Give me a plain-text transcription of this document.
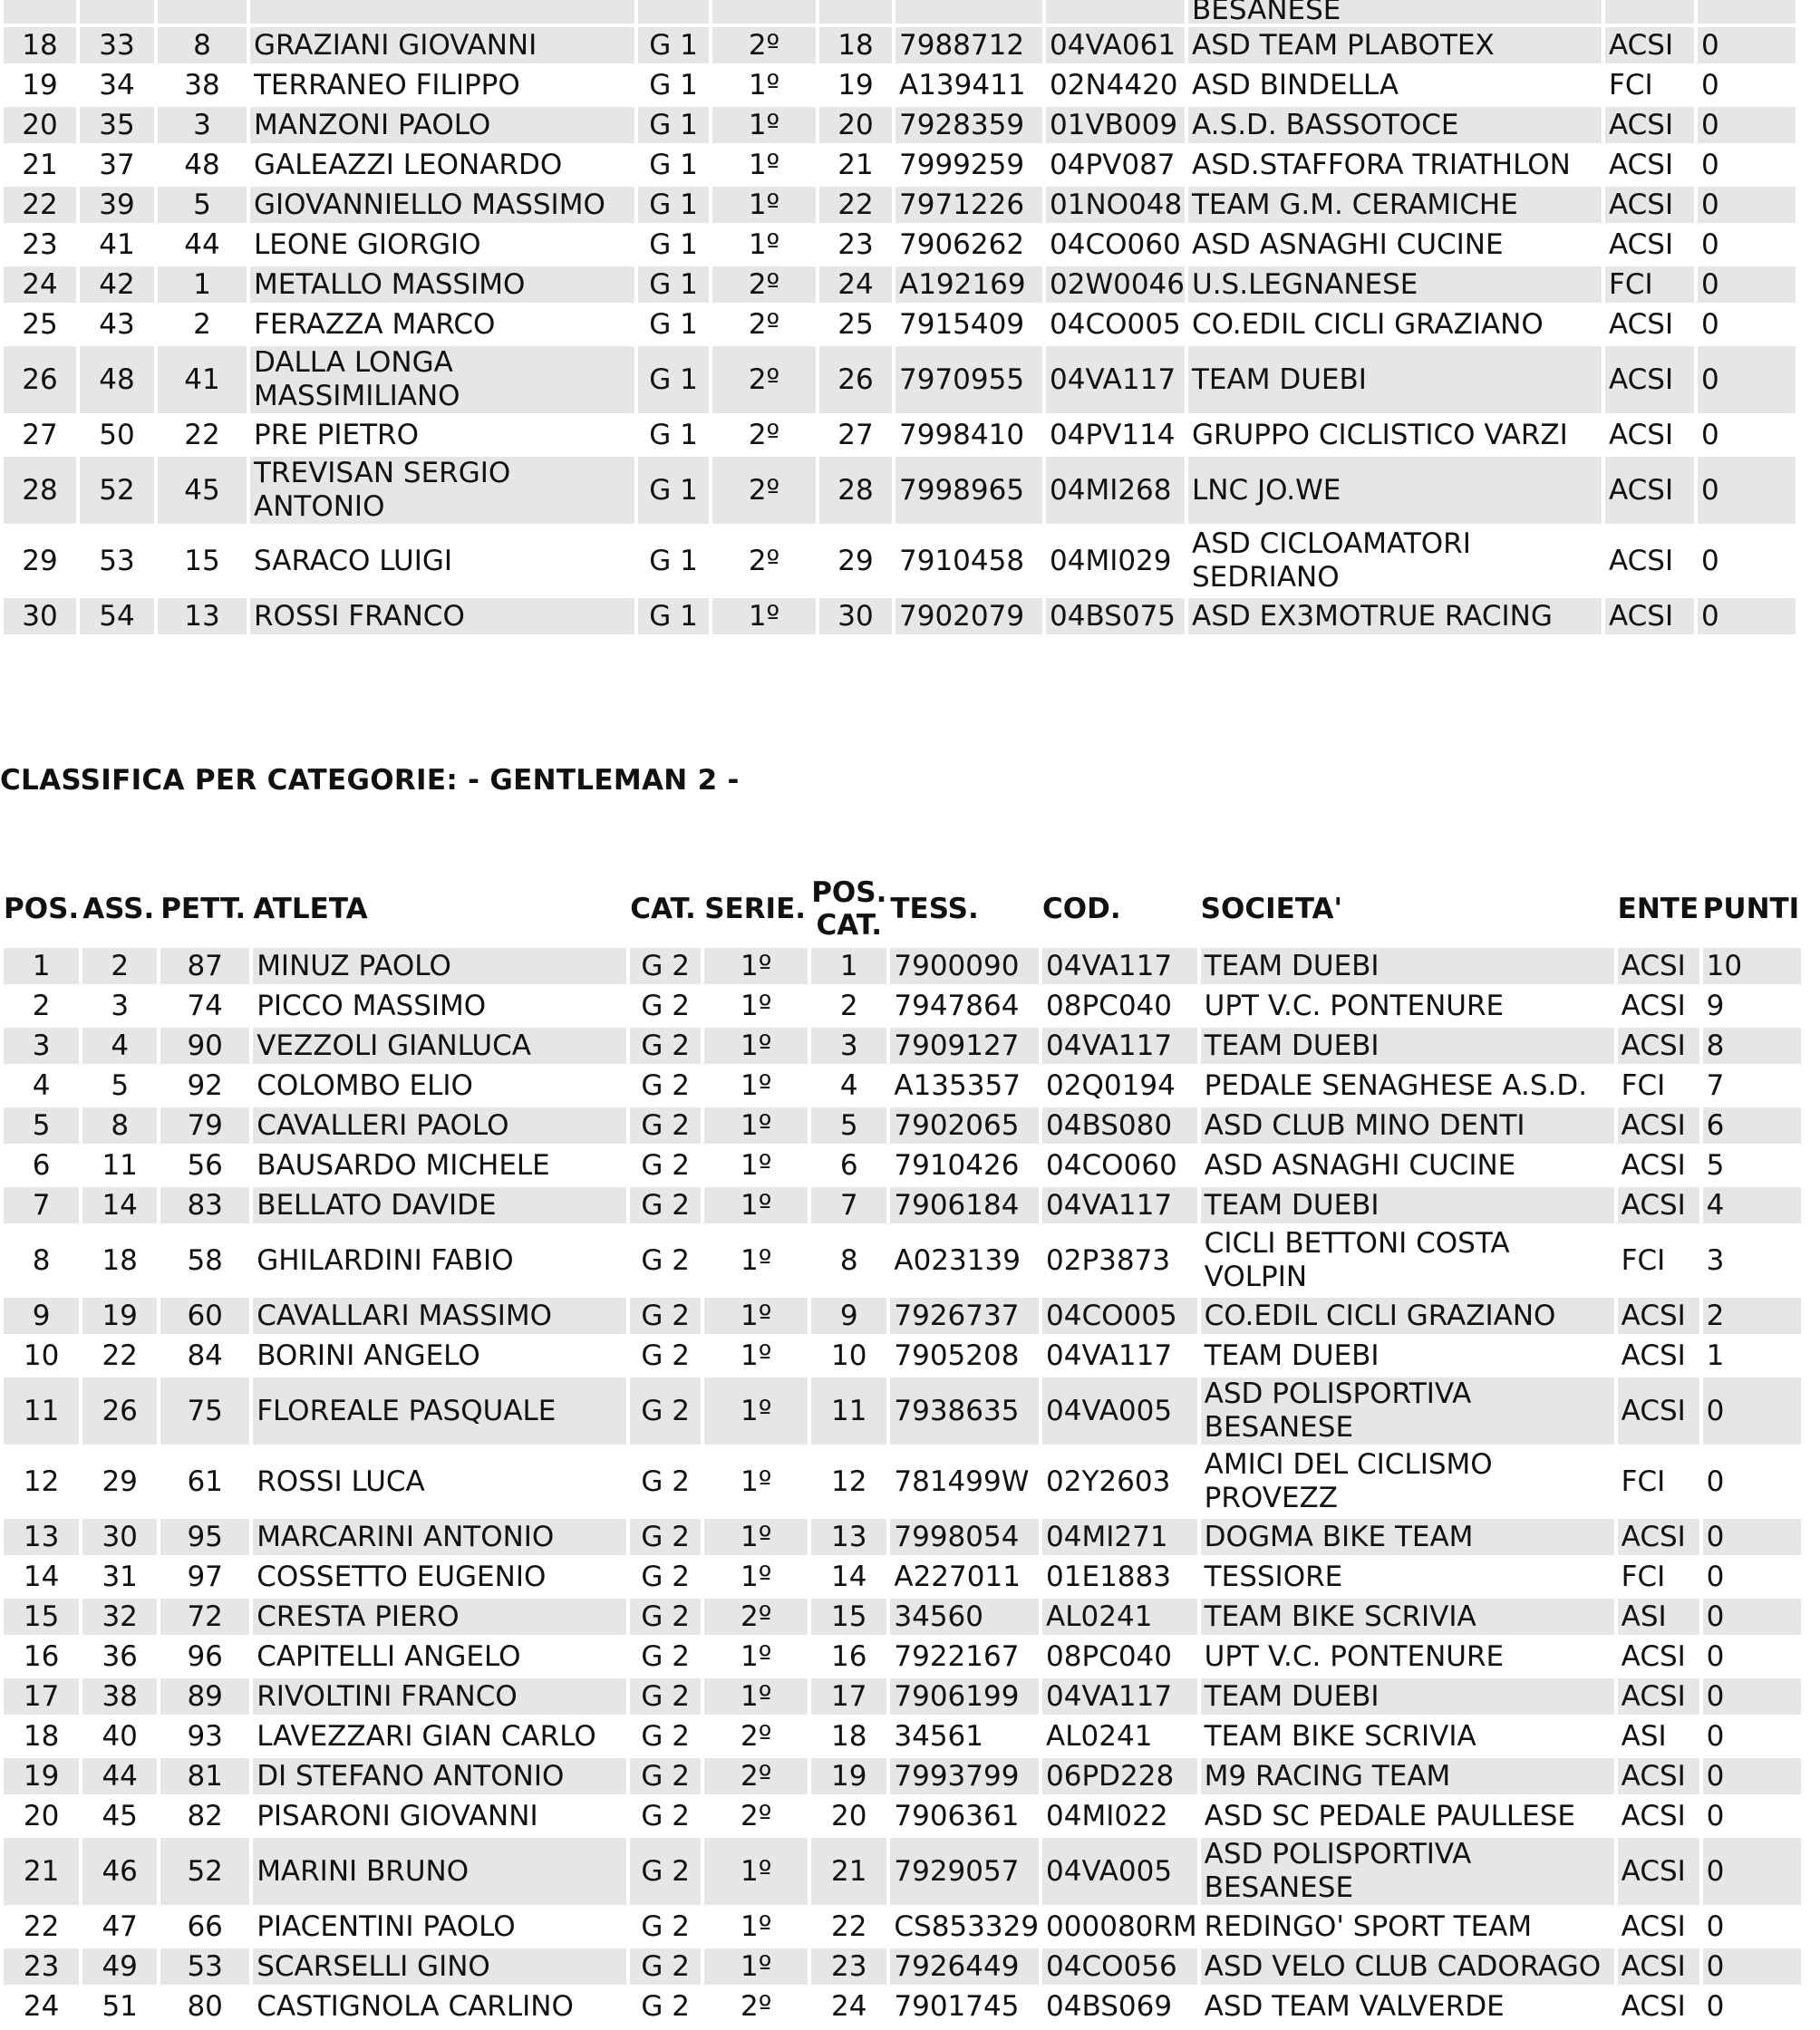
									BESANESE		
18	33	8	GRAZIANI GIOVANNI	G 1	2º	18	7988712	04VA061	ASD TEAM PLABOTEX	ACSI	0
19	34	38	TERRANEO FILIPPO	G 1	1º	19	A139411	02N4420	ASD BINDELLA	FCI	0
20	35	3	MANZONI PAOLO	G 1	1º	20	7928359	01VB009	A.S.D. BASSOTOCE	ACSI	0
21	37	48	GALEAZZI LEONARDO	G 1	1º	21	7999259	04PV087	ASD.STAFFORA TRIATHLON	ACSI	0
22	39	5	GIOVANNIELLO MASSIMO	G 1	1º	22	7971226	01NO048	TEAM G.M. CERAMICHE	ACSI	0
23	41	44	LEONE GIORGIO	G 1	1º	23	7906262	04CO060	ASD ASNAGHI CUCINE	ACSI	0
24	42	1	METALLO MASSIMO	G 1	2º	24	A192169	02W0046	U.S.LEGNANESE	FCI	0
25	43	2	FERAZZA MARCO	G 1	2º	25	7915409	04CO005	CO.EDIL CICLI GRAZIANO	ACSI	0
26	48	41	DALLA LONGA MASSIMILIANO	G 1	2º	26	7970955	04VA117	TEAM DUEBI	ACSI	0
27	50	22	PRE PIETRO	G 1	2º	27	7998410	04PV114	GRUPPO CICLISTICO VARZI	ACSI	0
28	52	45	TREVISAN SERGIO ANTONIO	G 1	2º	28	7998965	04MI268	LNC JO.WE	ACSI	0
29	53	15	SARACO LUIGI	G 1	2º	29	7910458	04MI029	ASD CICLOAMATORI SEDRIANO	ACSI	0
30	54	13	ROSSI FRANCO	G 1	1º	30	7902079	04BS075	ASD EX3MOTRUE RACING	ACSI	0
CLASSIFICA PER CATEGORIE: - GENTLEMAN 2 -
POS.	ASS.	PETT.	ATLETA	CAT.	SERIE.	POS. CAT.	TESS.	COD.	SOCIETA'	ENTE	PUNTI
1	2	87	MINUZ PAOLO	G 2	1º	1	7900090	04VA117	TEAM DUEBI	ACSI	10
2	3	74	PICCO MASSIMO	G 2	1º	2	7947864	08PC040	UPT V.C. PONTENURE	ACSI	9
3	4	90	VEZZOLI GIANLUCA	G 2	1º	3	7909127	04VA117	TEAM DUEBI	ACSI	8
4	5	92	COLOMBO ELIO	G 2	1º	4	A135357	02Q0194	PEDALE SENAGHESE A.S.D.	FCI	7
5	8	79	CAVALLERI PAOLO	G 2	1º	5	7902065	04BS080	ASD CLUB MINO DENTI	ACSI	6
6	11	56	BAUSARDO MICHELE	G 2	1º	6	7910426	04CO060	ASD ASNAGHI CUCINE	ACSI	5
7	14	83	BELLATO DAVIDE	G 2	1º	7	7906184	04VA117	TEAM DUEBI	ACSI	4
8	18	58	GHILARDINI FABIO	G 2	1º	8	A023139	02P3873	CICLI BETTONI COSTA VOLPIN	FCI	3
9	19	60	CAVALLARI MASSIMO	G 2	1º	9	7926737	04CO005	CO.EDIL CICLI GRAZIANO	ACSI	2
10	22	84	BORINI ANGELO	G 2	1º	10	7905208	04VA117	TEAM DUEBI	ACSI	1
11	26	75	FLOREALE PASQUALE	G 2	1º	11	7938635	04VA005	ASD POLISPORTIVA BESANESE	ACSI	0
12	29	61	ROSSI LUCA	G 2	1º	12	781499W	02Y2603	AMICI DEL CICLISMO PROVEZZ	FCI	0
13	30	95	MARCARINI ANTONIO	G 2	1º	13	7998054	04MI271	DOGMA BIKE TEAM	ACSI	0
14	31	97	COSSETTO EUGENIO	G 2	1º	14	A227011	01E1883	TESSIORE	FCI	0
15	32	72	CRESTA PIERO	G 2	2º	15	34560	AL0241	TEAM BIKE SCRIVIA	ASI	0
16	36	96	CAPITELLI ANGELO	G 2	1º	16	7922167	08PC040	UPT V.C. PONTENURE	ACSI	0
17	38	89	RIVOLTINI FRANCO	G 2	1º	17	7906199	04VA117	TEAM DUEBI	ACSI	0
18	40	93	LAVEZZARI GIAN CARLO	G 2	2º	18	34561	AL0241	TEAM BIKE SCRIVIA	ASI	0
19	44	81	DI STEFANO ANTONIO	G 2	2º	19	7993799	06PD228	M9 RACING TEAM	ACSI	0
20	45	82	PISARONI GIOVANNI	G 2	2º	20	7906361	04MI022	ASD SC PEDALE PAULLESE	ACSI	0
21	46	52	MARINI BRUNO	G 2	1º	21	7929057	04VA005	ASD POLISPORTIVA BESANESE	ACSI	0
22	47	66	PIACENTINI PAOLO	G 2	1º	22	CS853329	000080RM	REDINGO' SPORT TEAM	ACSI	0
23	49	53	SCARSELLI GINO	G 2	1º	23	7926449	04CO056	ASD VELO CLUB CADORAGO	ACSI	0
24	51	80	CASTIGNOLA CARLINO	G 2	2º	24	7901745	04BS069	ASD TEAM VALVERDE	ACSI	0
